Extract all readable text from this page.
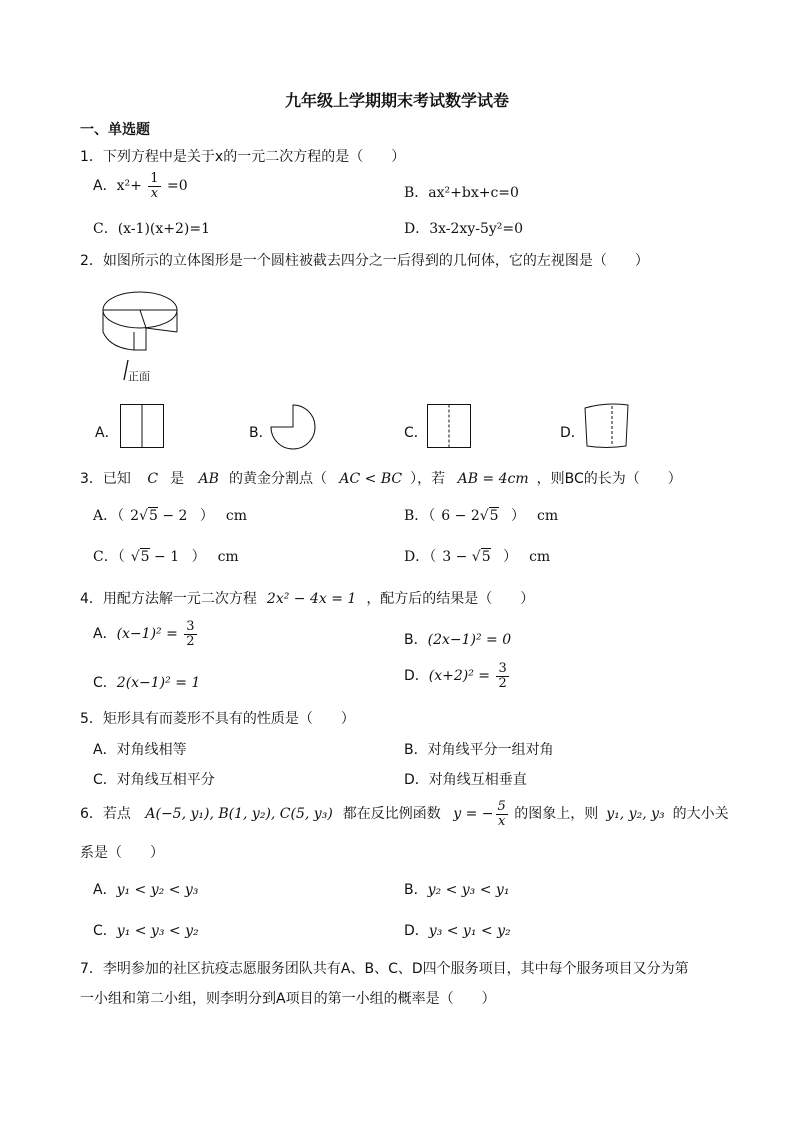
九年级上学期期末考试数学试卷
一、单选题
1．下列方程中是关于x的一元二次方程的是（　　）
A．$x^2+ \frac{1}{x} =0$	B．ax²+bx+c=0
C．(x-1)(x+2)=1	D．3x-2xy-5y²=0
2．如图所示的立体图形是一个圆柱被截去四分之一后得到的几何体，它的左视图是（　　）
正面
A．	B．	C．	D．
3．已知 C 是 AB 的黄金分割点（ AC < BC ），若 AB = 4cm ，则BC的长为（　　）
A．（ 2√5 − 2 ） cm	B．（ 6 − 2√5 ） cm
C．（ √5 − 1 ） cm	D．（ 3 − √5 ） cm
4．用配方法解一元二次方程 2x² − 4x = 1 ，配方后的结果是（　　）
A．$(x-1)^2 = \frac{3}{2}$	B．(2x−1)² = 0
C．2(x−1)² = 1	D．$(x+2)^2 = \frac{3}{2}$
5．矩形具有而菱形不具有的性质是（　　）
A．对角线相等	B．对角线平分一组对角
C．对角线互相平分	D．对角线互相垂直
6．若点 A(−5, y₁), B(1, y₂), C(5, y₃) 都在反比例函数 y = − $\frac{5}{x}$ 的图象上，则 y₁, y₂, y₃ 的大小关
系是（　　）
A．y₁ < y₂ < y₃	B．y₂ < y₃ < y₁
C．y₁ < y₃ < y₂	D．y₃ < y₁ < y₂
7．李明参加的社区抗疫志愿服务团队共有A、B、C、D四个服务项目，其中每个服务项目又分为第
一小组和第二小组，则李明分到A项目的第一小组的概率是（　　）
